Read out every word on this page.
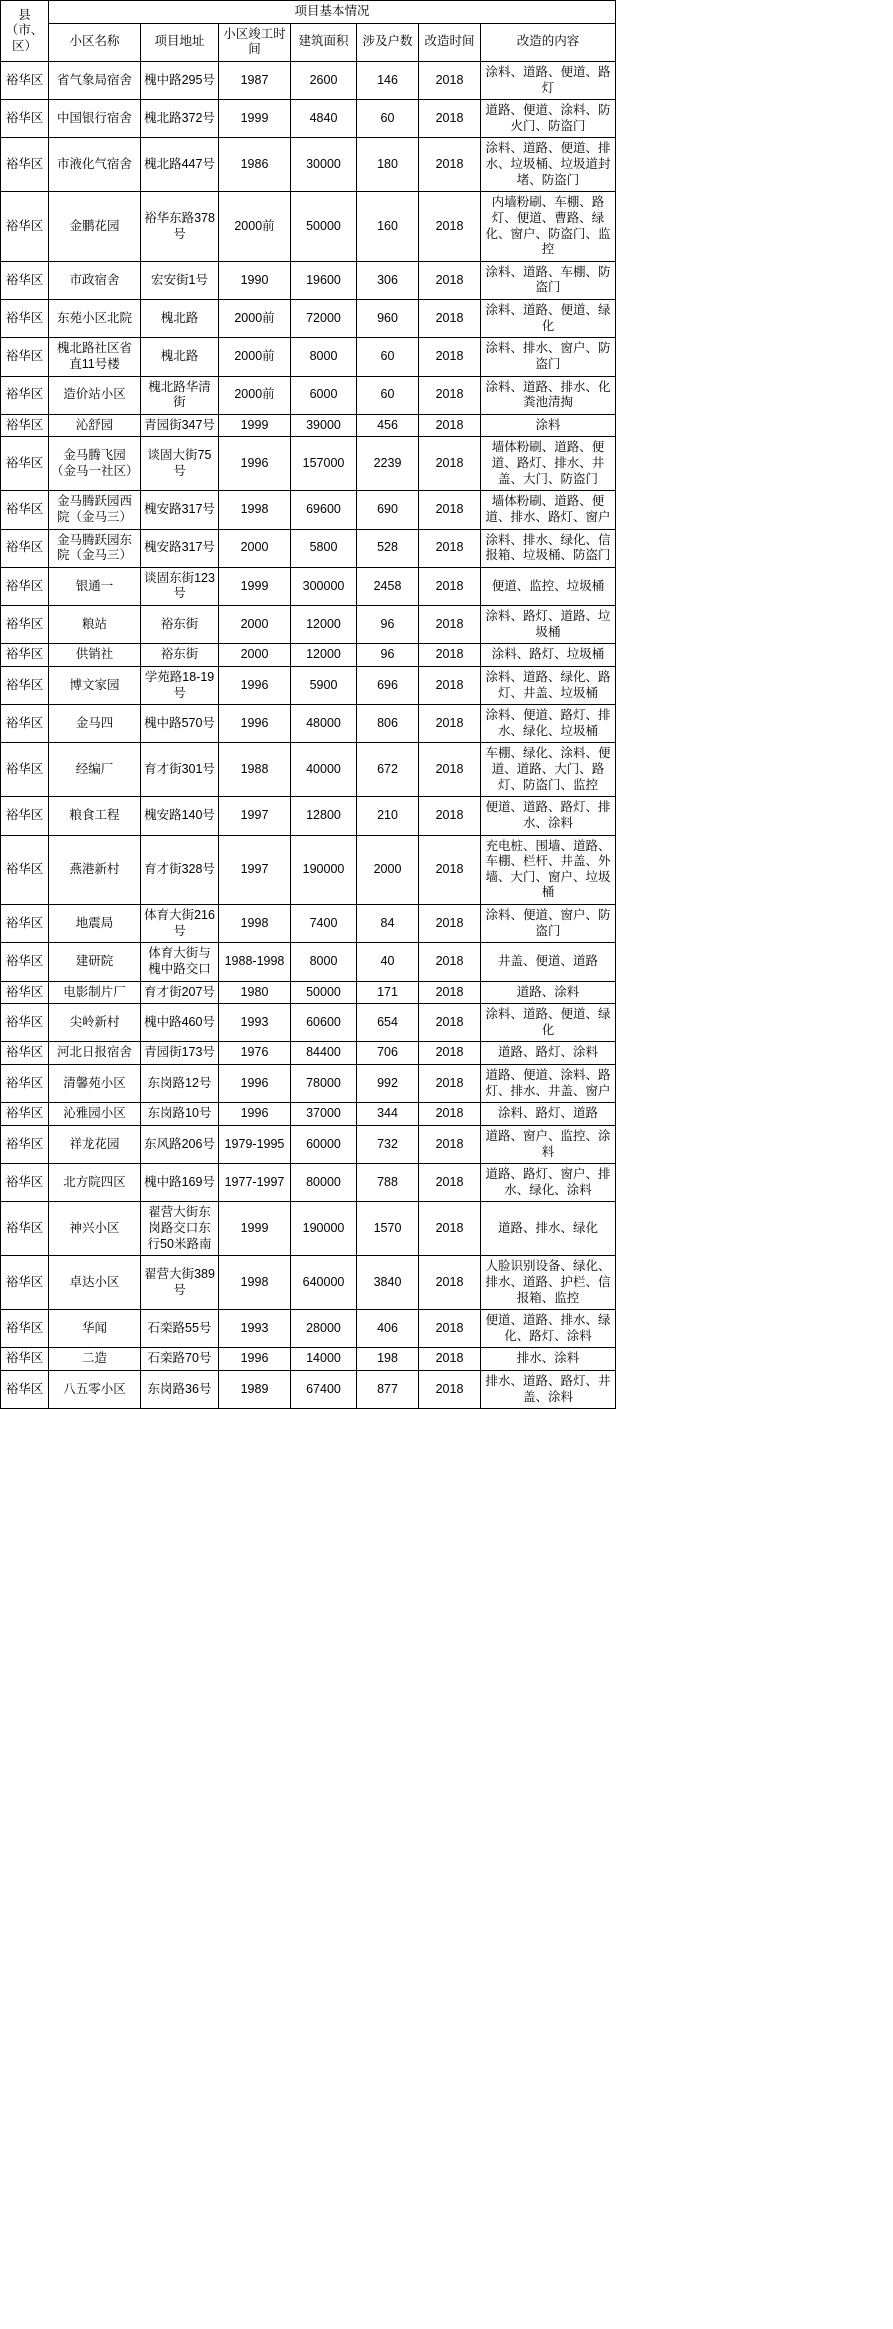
县（市、区）	项目基本情况						
	小区名称	项目地址	小区竣工时间	建筑面积	涉及户数	改造时间	改造的内容
裕华区	省气象局宿舍	槐中路295号	1987	2600	146	2018	涂料、道路、便道、路灯
裕华区	中国银行宿舍	槐北路372号	1999	4840	60	2018	道路、便道、涂料、防火门、防盗门
裕华区	市液化气宿舍	槐北路447号	1986	30000	180	2018	涂料、道路、便道、排水、垃圾桶、垃圾道封堵、防盗门
裕华区	金鹏花园	裕华东路378号	2000前	50000	160	2018	内墙粉刷、车棚、路灯、便道、曹路、绿化、窗户、防盗门、监控
裕华区	市政宿舍	宏安街1号	1990	19600	306	2018	涂料、道路、车棚、防盗门
裕华区	东苑小区北院	槐北路	2000前	72000	960	2018	涂料、道路、便道、绿化
裕华区	槐北路社区省直11号楼	槐北路	2000前	8000	60	2018	涂料、排水、窗户、防盗门
裕华区	造价站小区	槐北路华清街	2000前	6000	60	2018	涂料、道路、排水、化粪池清掏
裕华区	沁舒园	青园街347号	1999	39000	456	2018	涂料
裕华区	金马腾飞园（金马一社区）	谈固大街75号	1996	157000	2239	2018	墙体粉刷、道路、便道、路灯、排水、井盖、大门、防盗门
裕华区	金马腾跃园西院（金马三）	槐安路317号	1998	69600	690	2018	墙体粉刷、道路、便道、排水、路灯、窗户
裕华区	金马腾跃园东院（金马三）	槐安路317号	2000	5800	528	2018	涂料、排水、绿化、信报箱、垃圾桶、防盗门
裕华区	银通一	谈固东街123号	1999	300000	2458	2018	便道、监控、垃圾桶
裕华区	粮站	裕东街	2000	12000	96	2018	涂料、路灯、道路、垃圾桶
裕华区	供销社	裕东街	2000	12000	96	2018	涂料、路灯、垃圾桶
裕华区	博文家园	学苑路18-19号	1996	5900	696	2018	涂料、道路、绿化、路灯、井盖、垃圾桶
裕华区	金马四	槐中路570号	1996	48000	806	2018	涂料、便道、路灯、排水、绿化、垃圾桶
裕华区	经编厂	育才街301号	1988	40000	672	2018	车棚、绿化、涂料、便道、道路、大门、路灯、防盗门、监控
裕华区	粮食工程	槐安路140号	1997	12800	210	2018	便道、道路、路灯、排水、涂料
裕华区	燕港新村	育才街328号	1997	190000	2000	2018	充电桩、围墙、道路、车棚、栏杆、井盖、外墙、大门、窗户、垃圾桶
裕华区	地震局	体育大街216号	1998	7400	84	2018	涂料、便道、窗户、防盗门
裕华区	建研院	体育大街与槐中路交口	1988-1998	8000	40	2018	井盖、便道、道路
裕华区	电影制片厂	育才街207号	1980	50000	171	2018	道路、涂料
裕华区	尖岭新村	槐中路460号	1993	60600	654	2018	涂料、道路、便道、绿化
裕华区	河北日报宿舍	青园街173号	1976	84400	706	2018	道路、路灯、涂料
裕华区	清馨苑小区	东岗路12号	1996	78000	992	2018	道路、便道、涂料、路灯、排水、井盖、窗户
裕华区	沁雅园小区	东岗路10号	1996	37000	344	2018	涂料、路灯、道路
裕华区	祥龙花园	东风路206号	1979-1995	60000	732	2018	道路、窗户、监控、涂料
裕华区	北方院四区	槐中路169号	1977-1997	80000	788	2018	道路、路灯、窗户、排水、绿化、涂料
裕华区	神兴小区	翟营大街东岗路交口东行50米路南	1999	190000	1570	2018	道路、排水、绿化
裕华区	卓达小区	翟营大街389号	1998	640000	3840	2018	人脸识别设备、绿化、排水、道路、护栏、信报箱、监控
裕华区	华闻	石栾路55号	1993	28000	406	2018	便道、道路、排水、绿化、路灯、涂料
裕华区	二造	石栾路70号	1996	14000	198	2018	排水、涂料
裕华区	八五零小区	东岗路36号	1989	67400	877	2018	排水、道路、路灯、井盖、涂料
